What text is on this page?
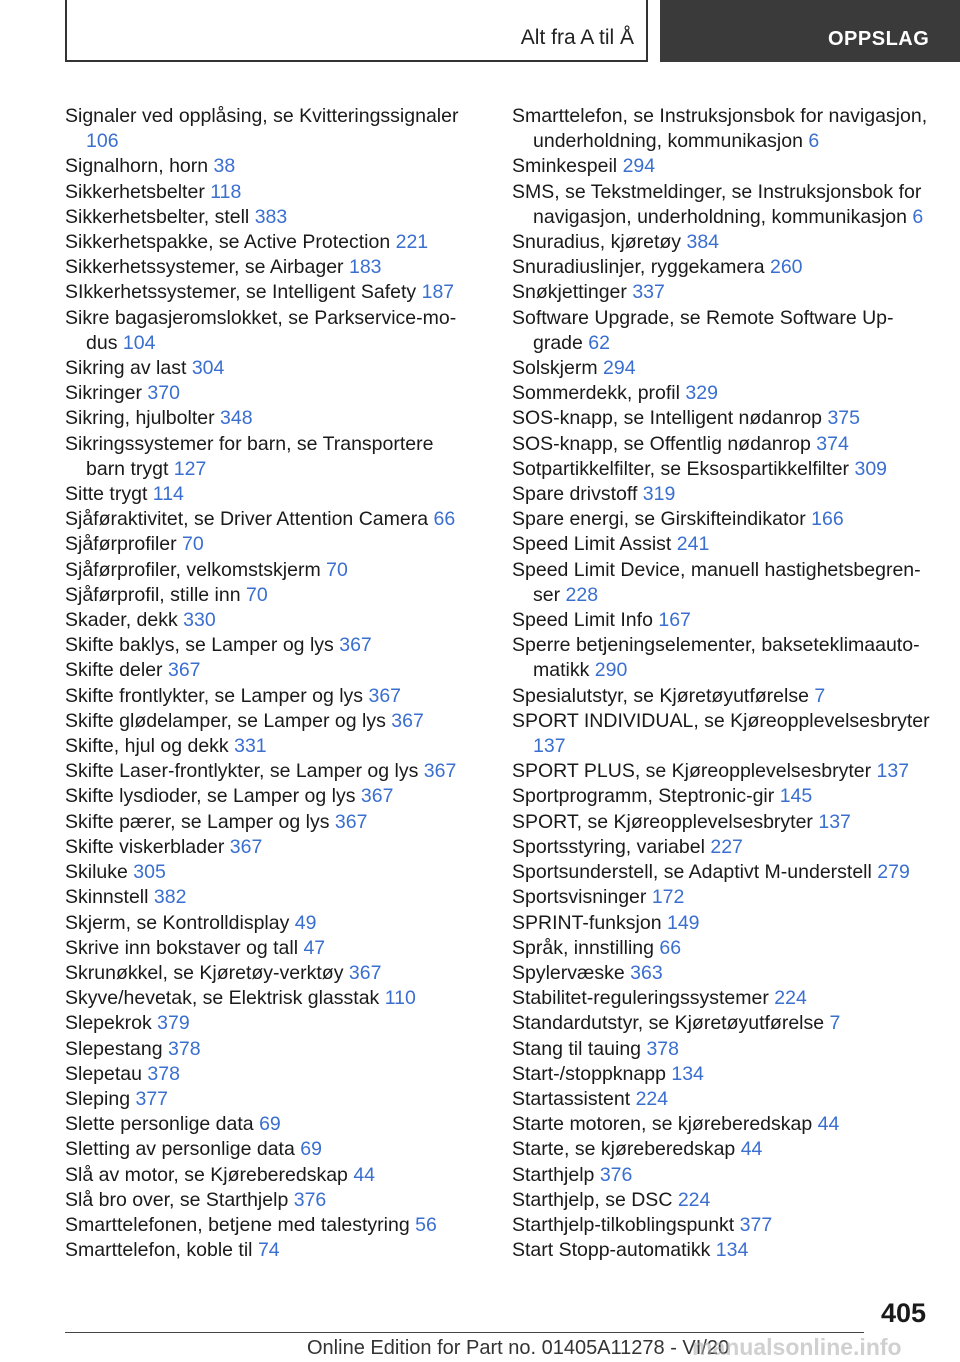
Alt fra A til Å	OPPSLAG

Signaler ved opplåsing, se Kvitteringssignaler 106

Signalhorn, horn 38

Sikkerhetsbelter 118

Sikkerhetsbelter, stell 383

Sikkerhetspakke, se Active Protection 221

Sikkerhetssystemer, se Airbager 183

SIkkerhetssystemer, se Intelligent Safety 187

Sikre bagasjeromslokket, se Parkservice-modus 104

Sikring av last 304

Sikringer 370

Sikring, hjulbolter 348

Sikringssystemer for barn, se Transportere barn trygt 127

Sitte trygt 114

Sjåføraktivitet, se Driver Attention Camera 66

Sjåførprofiler 70

Sjåførprofiler, velkomstskjerm 70

Sjåførprofil, stille inn 70

Skader, dekk 330

Skifte baklys, se Lamper og lys 367

Skifte deler 367

Skifte frontlykter, se Lamper og lys 367

Skifte glødelamper, se Lamper og lys 367

Skifte, hjul og dekk 331

Skifte Laser-frontlykter, se Lamper og lys 367

Skifte lysdioder, se Lamper og lys 367

Skifte pærer, se Lamper og lys 367

Skifte viskerblader 367

Skiluke 305

Skinnstell 382

Skjerm, se Kontrolldisplay 49

Skrive inn bokstaver og tall 47

Skrunøkkel, se Kjøretøy-verktøy 367

Skyve/hevetak, se Elektrisk glasstak 110

Slepekrok 379

Slepestang 378

Slepetau 378

Sleping 377

Slette personlige data 69

Sletting av personlige data 69

Slå av motor, se Kjøreberedskap 44

Slå bro over, se Starthjelp 376

Smarttelefonen, betjene med talestyring 56

Smarttelefon, koble til 74

Smarttelefon, se Instruksjonsbok for navigasjon, underholdning, kommunikasjon 6

Sminkespeil 294

SMS, se Tekstmeldinger, se Instruksjonsbok for navigasjon, underholdning, kommunikasjon 6

Snuradius, kjøretøy 384

Snuradiuslinjer, ryggekamera 260

Snøkjettinger 337

Software Upgrade, se Remote Software Upgrade 62

Solskjerm 294

Sommerdekk, profil 329

SOS-knapp, se Intelligent nødanrop 375

SOS-knapp, se Offentlig nødanrop 374

Sotpartikkelfilter, se Eksospartikkelfilter 309

Spare drivstoff 319

Spare energi, se Girskifteindikator 166

Speed Limit Assist 241

Speed Limit Device, manuell hastighetsbegrenser 228

Speed Limit Info 167

Sperre betjeningselementer, bakseteklimaautomatikk 290

Spesialutstyr, se Kjøretøyutførelse 7

SPORT INDIVIDUAL, se Kjøreopplevelsesbryter 137

SPORT PLUS, se Kjøreopplevelsesbryter 137

Sportprogramm, Steptronic-gir 145

SPORT, se Kjøreopplevelsesbryter 137

Sportsstyring, variabel 227

Sportsunderstell, se Adaptivt M-understell 279

Sportsvisninger 172

SPRINT-funksjon 149

Språk, innstilling 66

Spylervæske 363

Stabilitet-reguleringssystemer 224

Standardutstyr, se Kjøretøyutførelse 7

Stang til tauing 378

Start-/stoppknapp 134

Startassistent 224

Starte motoren, se kjøreberedskap 44

Starte, se kjøreberedskap 44

Starthjelp 376

Starthjelp, se DSC 224

Starthjelp-tilkoblingspunkt 377

Start Stopp-automatikk 134

405
Online Edition for Part no. 01405A11278 - VI/20
manualsonline.info
